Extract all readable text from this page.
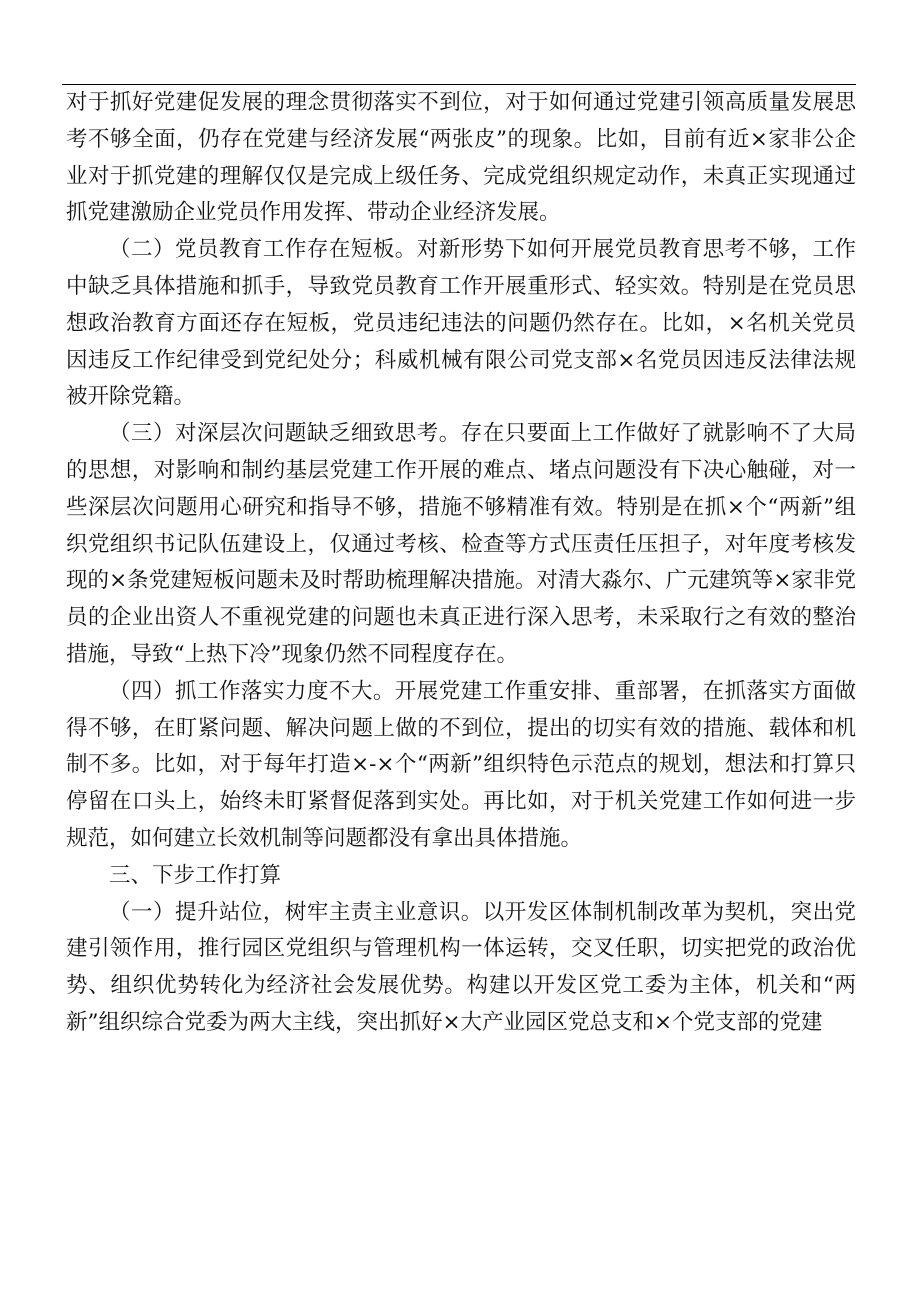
对于抓好党建促发展的理念贯彻落实不到位，对于如何通过党建引领高质量发展思考不够全面，仍存在党建与经济发展“两张皮”的现象。比如，目前有近×家非公企业对于抓党建的理解仅仅是完成上级任务、完成党组织规定动作，未真正实现通过抓党建激励企业党员作用发挥、带动企业经济发展。

（二）党员教育工作存在短板。对新形势下如何开展党员教育思考不够，工作中缺乏具体措施和抓手，导致党员教育工作开展重形式、轻实效。特别是在党员思想政治教育方面还存在短板，党员违纪违法的问题仍然存在。比如，×名机关党员因违反工作纪律受到党纪处分；科威机械有限公司党支部×名党员因违反法律法规被开除党籍。

（三）对深层次问题缺乏细致思考。存在只要面上工作做好了就影响不了大局的思想，对影响和制约基层党建工作开展的难点、堵点问题没有下决心触碰，对一些深层次问题用心研究和指导不够，措施不够精准有效。特别是在抓×个“两新”组织党组织书记队伍建设上，仅通过考核、检查等方式压责任压担子，对年度考核发现的×条党建短板问题未及时帮助梳理解决措施。对清大淼尔、广元建筑等×家非党员的企业出资人不重视党建的问题也未真正进行深入思考，未采取行之有效的整治措施，导致“上热下冷”现象仍然不同程度存在。

（四）抓工作落实力度不大。开展党建工作重安排、重部署，在抓落实方面做得不够，在盯紧问题、解决问题上做的不到位，提出的切实有效的措施、载体和机制不多。比如，对于每年打造×-×个“两新”组织特色示范点的规划，想法和打算只停留在口头上，始终未盯紧督促落到实处。再比如，对于机关党建工作如何进一步规范，如何建立长效机制等问题都没有拿出具体措施。

三、下步工作打算

（一）提升站位，树牢主责主业意识。以开发区体制机制改革为契机，突出党建引领作用，推行园区党组织与管理机构一体运转，交叉任职，切实把党的政治优势、组织优势转化为经济社会发展优势。构建以开发区党工委为主体，机关和“两新”组织综合党委为两大主线，突出抓好×大产业园区党总支和×个党支部的党建
